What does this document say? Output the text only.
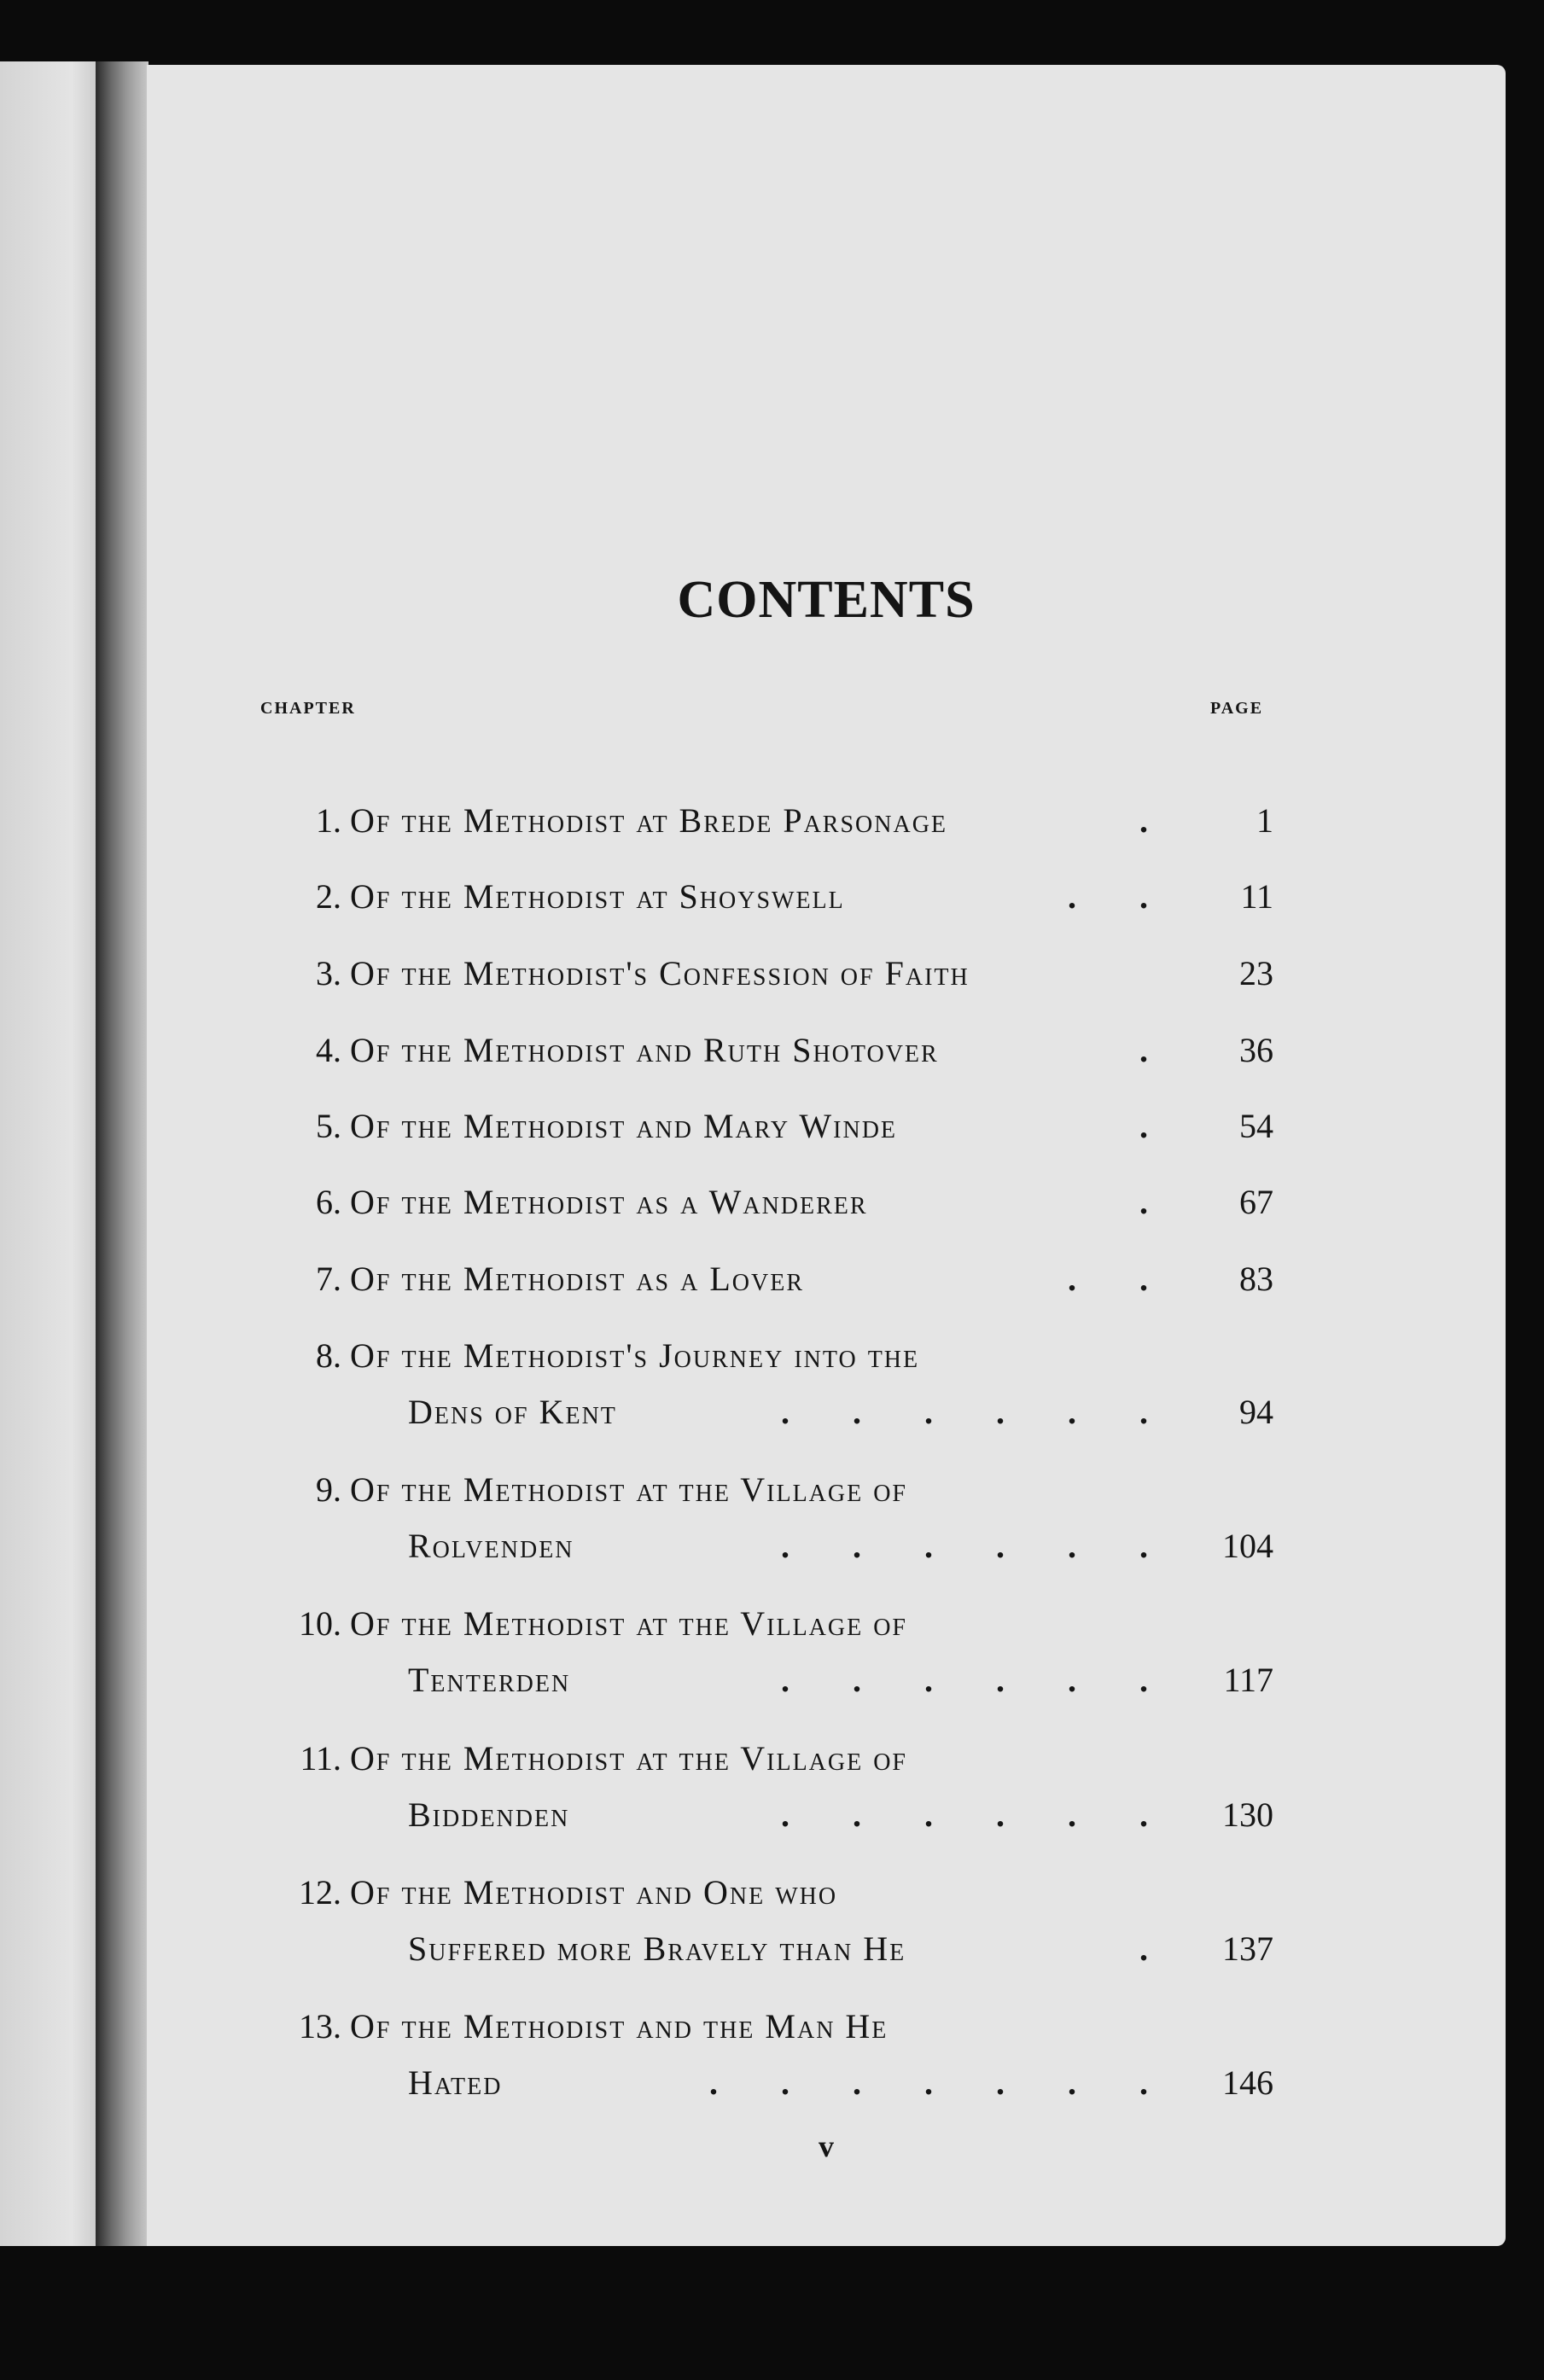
CONTENTS
CHAPTER	PAGE
1. Of the Methodist at Brede Parsonage	. 1
2. Of the Methodist at Shoyswell	. . 11
3. Of the Methodist's Confession of Faith	23
4. Of the Methodist and Ruth Shotover	. 36
5. Of the Methodist and Mary Winde	. 54
6. Of the Methodist as a Wanderer	. 67
7. Of the Methodist as a Lover	. . 83
8. Of the Methodist's Journey into the
Dens of Kent	. . . . . . 94
9. Of the Methodist at the Village of
Rolvenden	. . . . . . 104
10. Of the Methodist at the Village of
Tenterden	. . . . . . 117
11. Of the Methodist at the Village of
Biddenden	. . . . . . 130
12. Of the Methodist and One who
Suffered more Bravely than He	. 137
13. Of the Methodist and the Man He
Hated	. . . . . . . 146
v
